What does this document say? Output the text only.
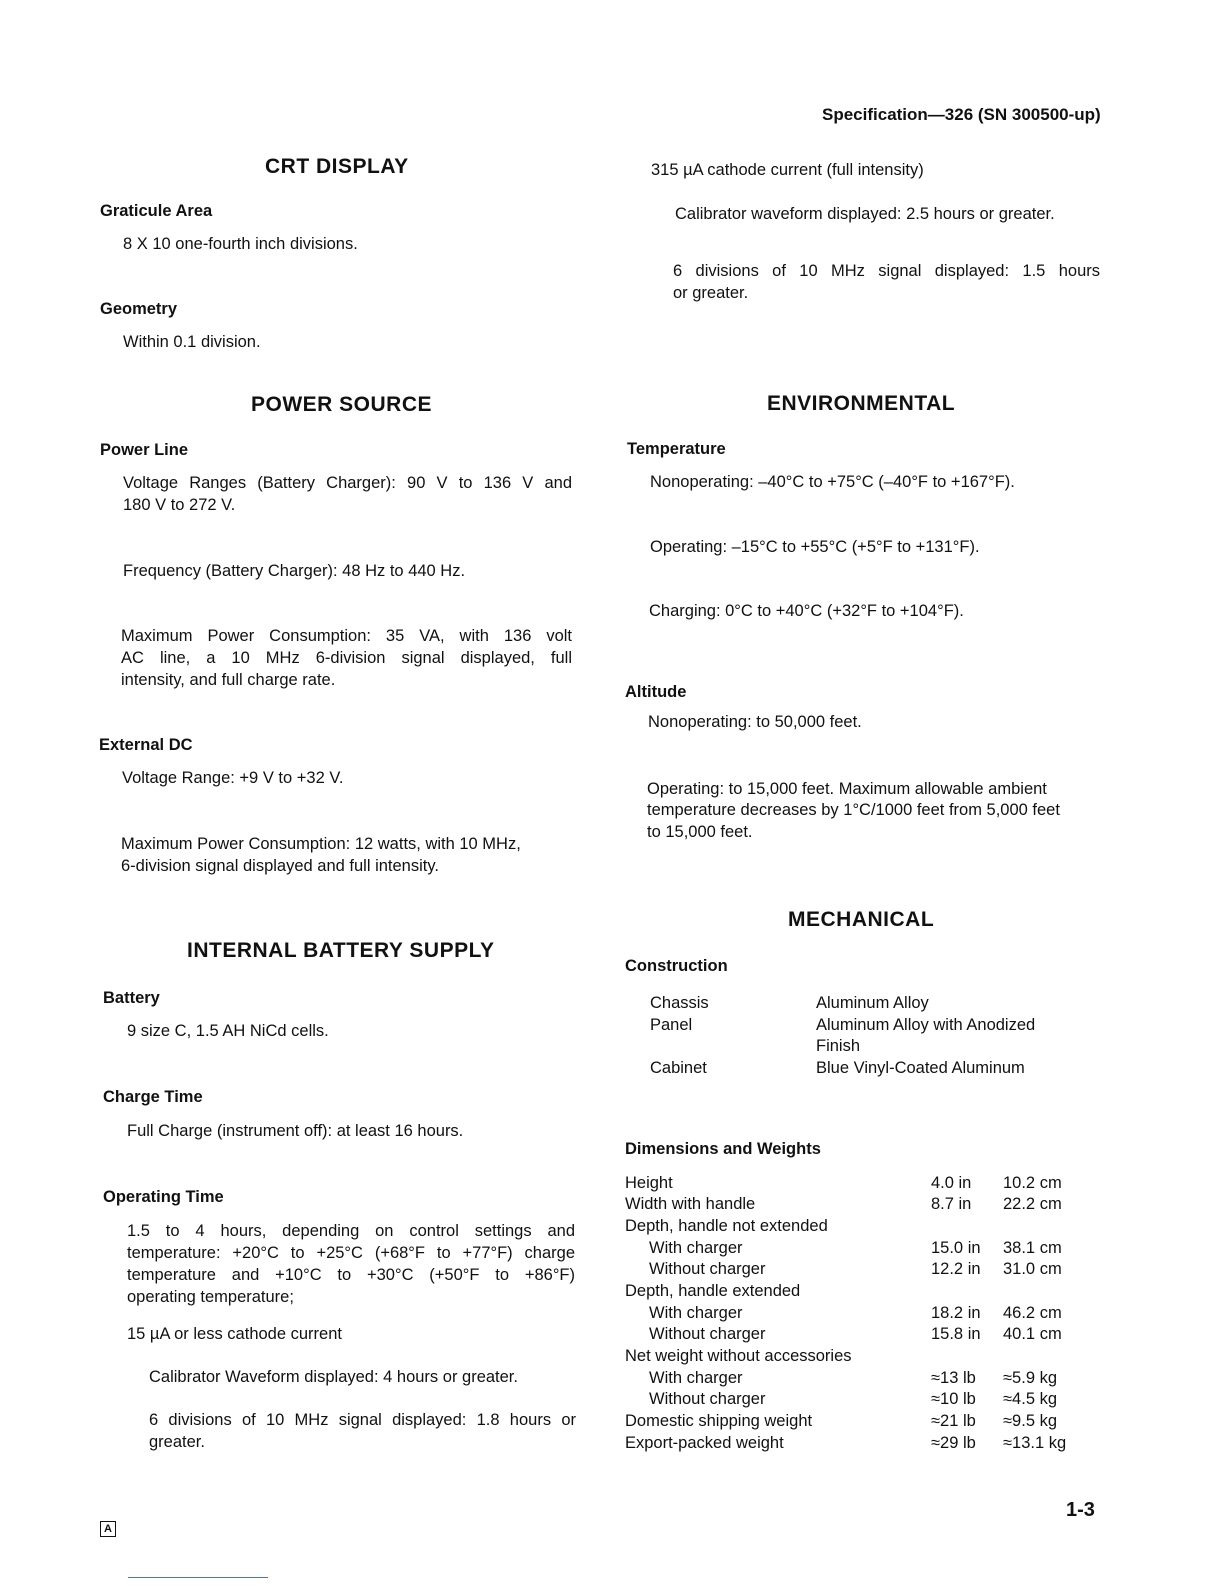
Specification—326 (SN 300500-up)
CRT DISPLAY
Graticule Area
8 X 10 one-fourth inch divisions.
Geometry
Within 0.1 division.
POWER SOURCE
Power Line
Voltage Ranges (Battery Charger): 90 V to 136 V and
180 V to 272 V.
Frequency (Battery Charger): 48 Hz to 440 Hz.
Maximum Power Consumption: 35 VA, with 136 volt
AC line, a 10 MHz 6-division signal displayed, full
intensity, and full charge rate.
External DC
Voltage Range: +9 V to +32 V.
Maximum Power Consumption: 12 watts, with 10 MHz,
6-division signal displayed and full intensity.
INTERNAL BATTERY SUPPLY
Battery
9 size C, 1.5 AH NiCd cells.
Charge Time
Full Charge (instrument off): at least 16 hours.
Operating Time
1.5 to 4 hours, depending on control settings and
temperature: +20°C to +25°C (+68°F to +77°F) charge
temperature and +10°C to +30°C (+50°F to +86°F)
operating temperature;
15 µA or less cathode current
Calibrator Waveform displayed: 4 hours or greater.
6 divisions of 10 MHz signal displayed: 1.8 hours or
greater.
315 µA cathode current (full intensity)
Calibrator waveform displayed: 2.5 hours or greater.
6 divisions of 10 MHz signal displayed: 1.5 hours
or greater.
ENVIRONMENTAL
Temperature
Nonoperating: –40°C to +75°C (–40°F to +167°F).
Operating: –15°C to +55°C (+5°F to +131°F).
Charging: 0°C to +40°C (+32°F to +104°F).
Altitude
Nonoperating: to 50,000 feet.
Operating: to 15,000 feet. Maximum allowable ambient
temperature decreases by 1°C/1000 feet from 5,000 feet
to 15,000 feet.
MECHANICAL
Construction
Chassis	Aluminum Alloy
Panel	Aluminum Alloy with Anodized
Finish
Cabinet	Blue Vinyl-Coated Aluminum
Dimensions and Weights
Height	4.0 in 10.2 cm
Width with handle	8.7 in 22.2 cm
Depth, handle not extended
With charger	15.0 in 38.1 cm
Without charger	12.2 in 31.0 cm
Depth, handle extended
With charger	18.2 in 46.2 cm
Without charger	15.8 in 40.1 cm
Net weight without accessories
With charger	≈13 lb ≈5.9 kg
Without charger	≈10 lb ≈4.5 kg
Domestic shipping weight	≈21 lb ≈9.5 kg
Export-packed weight	≈29 lb ≈13.1 kg
A
1-3
